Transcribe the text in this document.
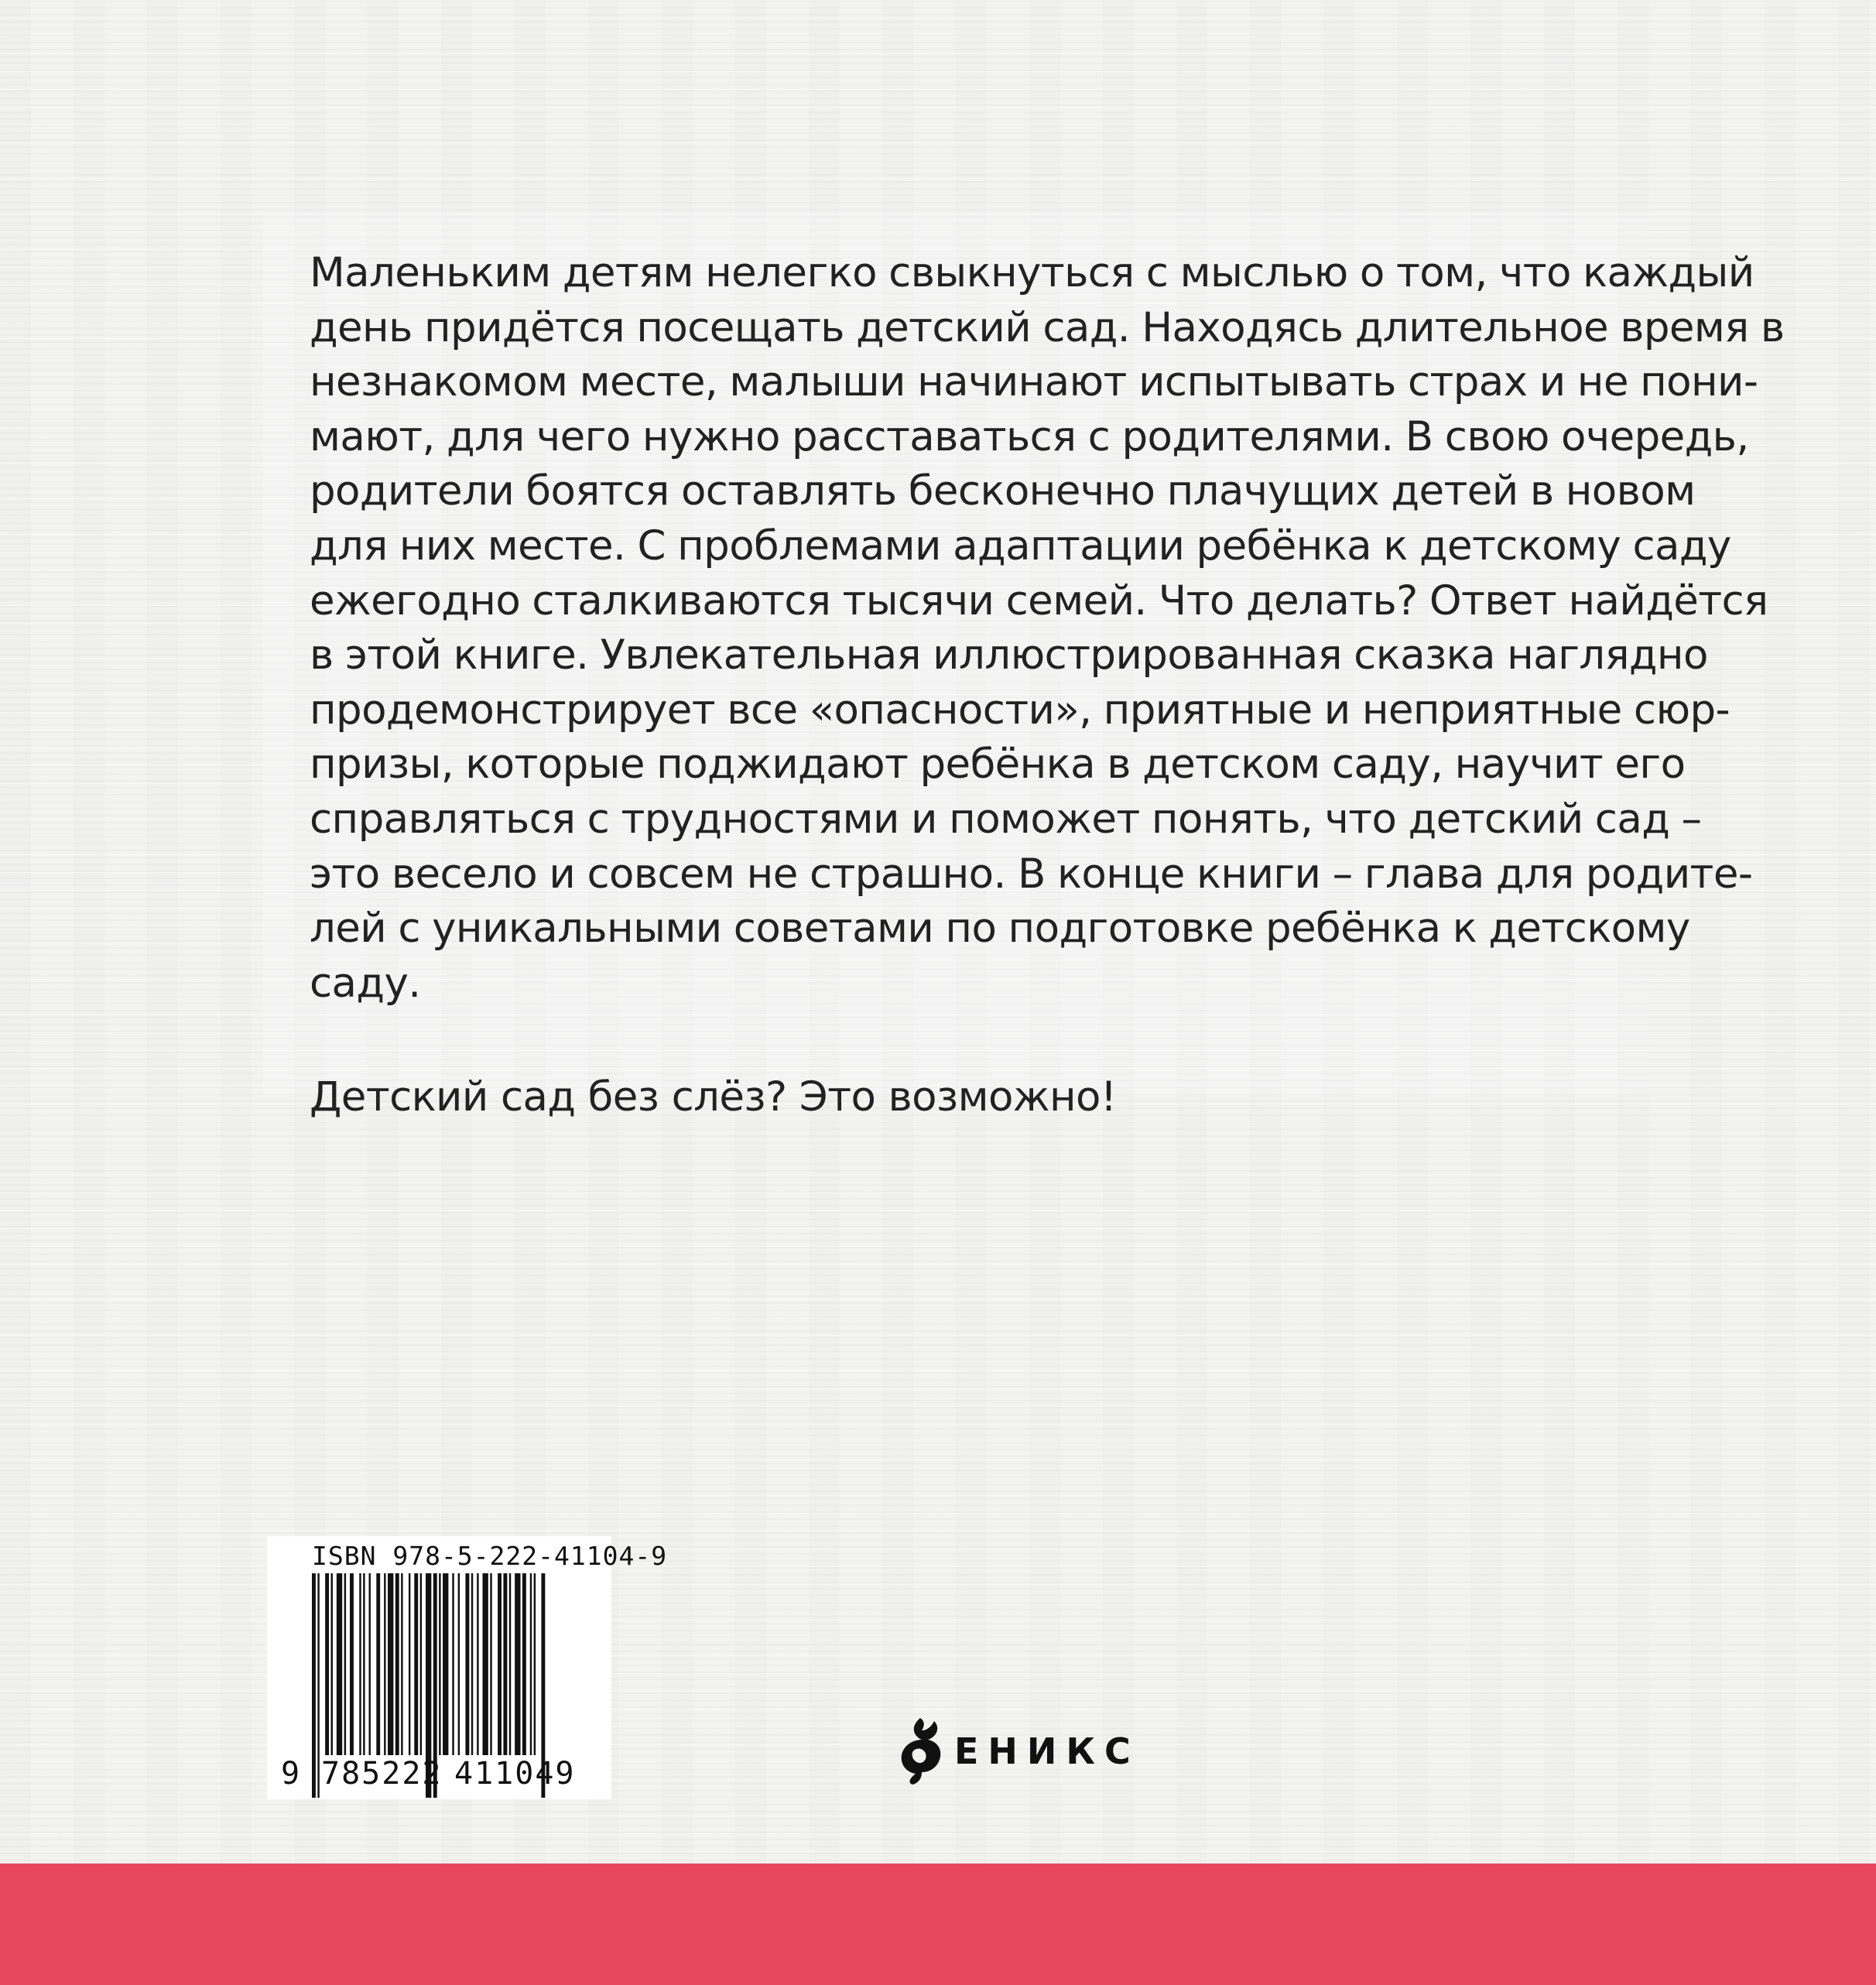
Маленьким детям нелегко свыкнуться с мыслью о том, что каждый
день придётся посещать детский сад. Находясь длительное время в
незнакомом месте, малыши начинают испытывать страх и не пони-
мают, для чего нужно расставаться с родителями. В свою очередь,
родители боятся оставлять бесконечно плачущих детей в новом
для них месте. С проблемами адаптации ребёнка к детскому саду
ежегодно сталкиваются тысячи семей. Что делать? Ответ найдётся
в этой книге. Увлекательная иллюстрированная сказка наглядно
продемонстрирует все «опасности», приятные и неприятные сюр-
призы, которые поджидают ребёнка в детском саду, научит его
справляться с трудностями и поможет понять, что детский сад –
это весело и совсем не страшно. В конце книги – глава для родите-
лей с уникальными советами по подготовке ребёнка к детскому
саду.

Детский сад без слёз? Это возможно!

ISBN 978-5-222-41104-9
9 785222 411049
ЕНИКС
